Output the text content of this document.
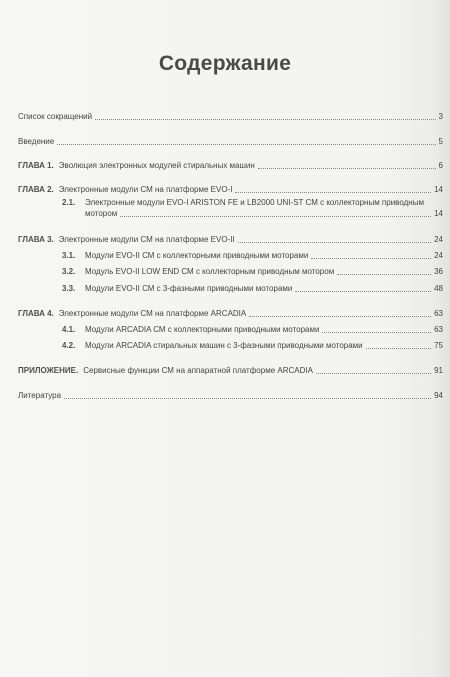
Содержание
Список сокращений	3
Введение	5
ГЛАВА 1. Эволюция электронных модулей стиральных машин	6
ГЛАВА 2. Электронные модули СМ на платформе EVO-I	14
2.1.	Электронные модули EVO-I ARISTON FE и LB2000 UNI-ST СМ с коллекторным приводным
мотором	14
ГЛАВА 3. Электронные модули СМ на платформе EVO-II	24
3.1.	Модули EVO-II СМ с коллекторными приводными моторами	24
3.2.	Модуль EVO-II LOW END СМ с коллекторным приводным мотором	36
3.3.	Модули EVO-II СМ с 3-фазными приводными моторами	48
ГЛАВА 4. Электронные модули СМ на платформе ARCADIA	63
4.1.	Модули ARCADIA СМ с коллекторными приводными моторами	63
4.2.	Модули ARCADIA стиральных машин с 3-фазными приводными моторами	75
ПРИЛОЖЕНИЕ. Сервисные функции СМ на аппаратной платформе ARCADIA	91
Литература	94
